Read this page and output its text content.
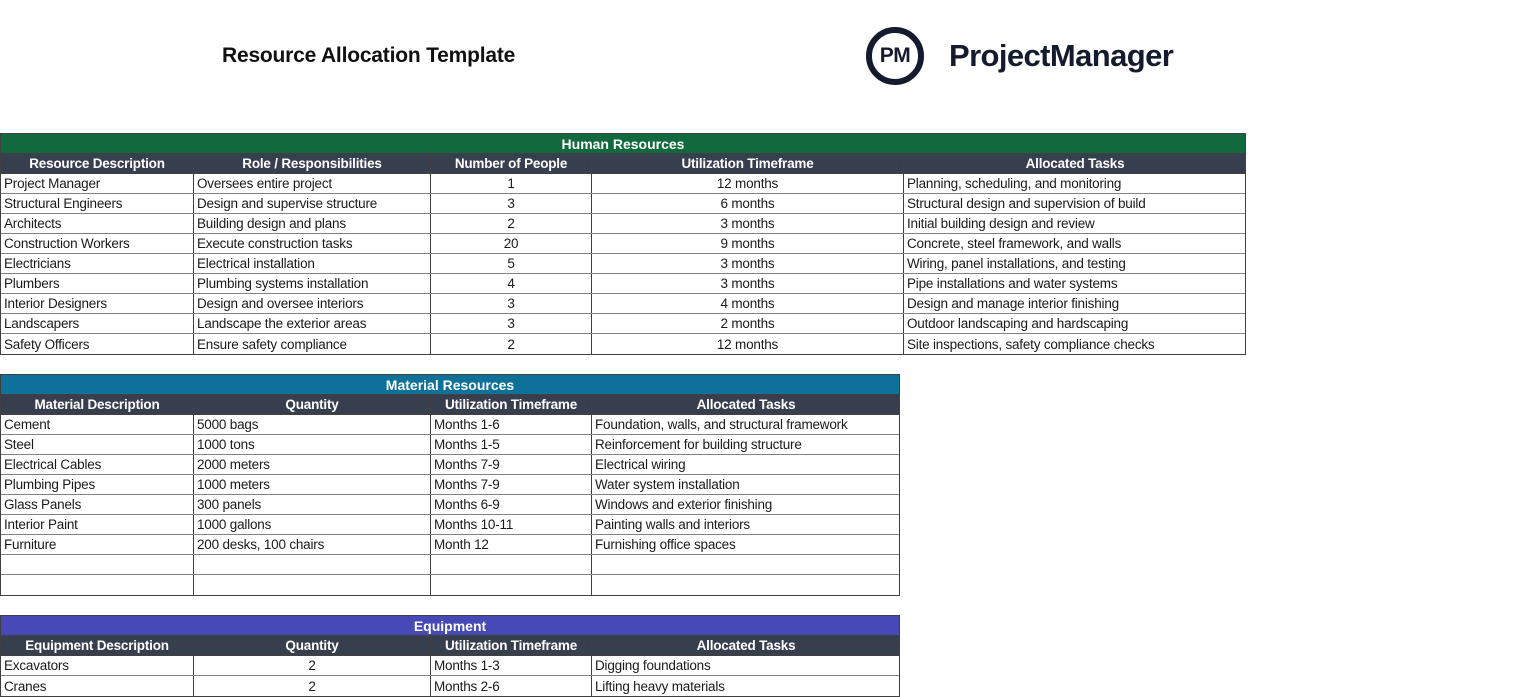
Resource Allocation Template	PM ProjectManager
Human Resources
Resource Description	Role / Responsibilities	Number of People	Utilization Timeframe	Allocated Tasks
Project Manager	Oversees entire project	1	12 months	Planning, scheduling, and monitoring
Structural Engineers	Design and supervise structure	3	6 months	Structural design and supervision of build
Architects	Building design and plans	2	3 months	Initial building design and review
Construction Workers	Execute construction tasks	20	9 months	Concrete, steel framework, and walls
Electricians	Electrical installation	5	3 months	Wiring, panel installations, and testing
Plumbers	Plumbing systems installation	4	3 months	Pipe installations and water systems
Interior Designers	Design and oversee interiors	3	4 months	Design and manage interior finishing
Landscapers	Landscape the exterior areas	3	2 months	Outdoor landscaping and hardscaping
Safety Officers	Ensure safety compliance	2	12 months	Site inspections, safety compliance checks
Material Resources
Material Description	Quantity	Utilization Timeframe	Allocated Tasks
Cement	5000 bags	Months 1-6	Foundation, walls, and structural framework
Steel	1000 tons	Months 1-5	Reinforcement for building structure
Electrical Cables	2000 meters	Months 7-9	Electrical wiring
Plumbing Pipes	1000 meters	Months 7-9	Water system installation
Glass Panels	300 panels	Months 6-9	Windows and exterior finishing
Interior Paint	1000 gallons	Months 10-11	Painting walls and interiors
Furniture	200 desks, 100 chairs	Month 12	Furnishing office spaces
Equipment
Equipment Description	Quantity	Utilization Timeframe	Allocated Tasks
Excavators	2	Months 1-3	Digging foundations
Cranes	2	Months 2-6	Lifting heavy materials
